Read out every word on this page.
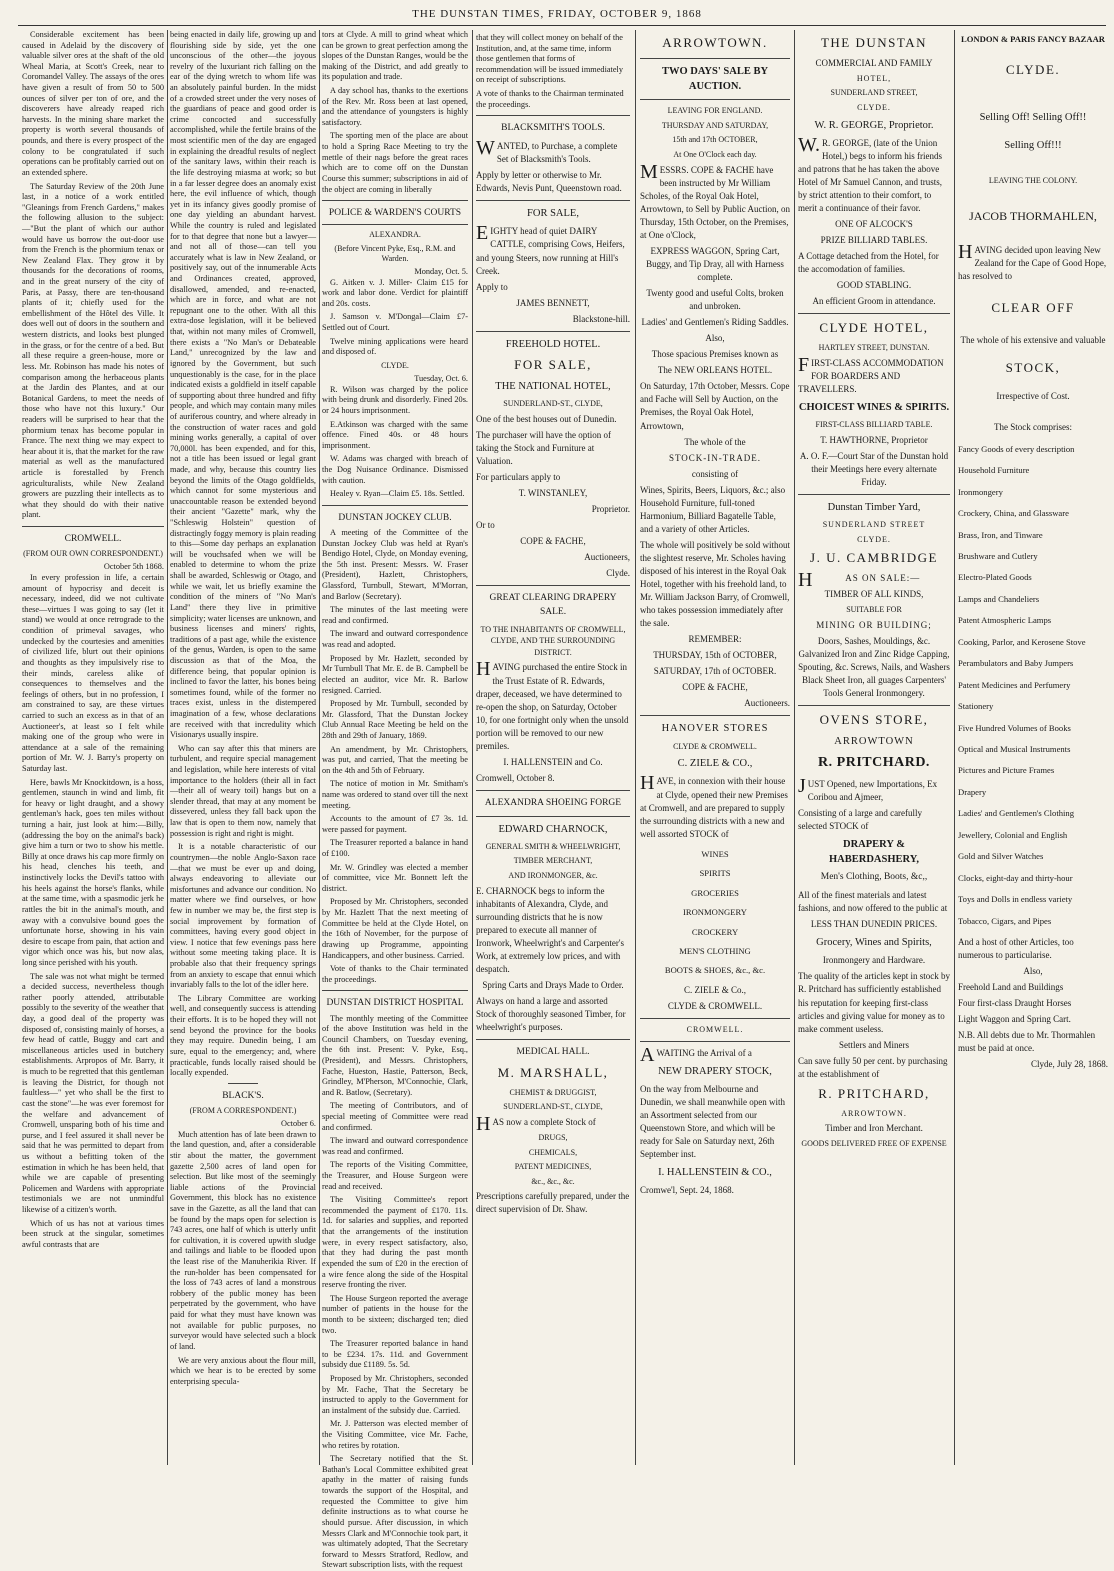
THE DUNSTAN TIMES, FRIDAY, OCTOBER 9, 1868

Considerable excitement has been caused in Adelaid by the discovery of valuable silver ores at the shaft of the old Wheal Maria, at Scott's Creek, near to Coromandel Valley. The assays of the ores have given a result of from 50 to 500 ounces of silver per ton of ore, and the discoverers have already reaped rich harvests. In the mining share market the property is worth several thousands of pounds, and there is every prospect of the colony to be congratulated if such operations can be profitably carried out on an extended sphere.

The Saturday Review of the 20th June last, in a notice of a work entitled "Gleanings from French Gardens," makes the following allusion to the subject:—"But the plant of which our author would have us borrow the out-door use from the French is the phormium tenax or New Zealand Flax. They grow it by thousands for the decorations of rooms, and in the great nursery of the city of Paris, at Passy, there are ten-thousand plants of it; chiefly used for the embellishment of the Hôtel des Ville. It does well out of doors in the southern and western districts, and looks best plunged in the grass, or for the centre of a bed. But all these require a green-house, more or less. Mr. Robinson has made his notes of comparison among the herbaceous plants at the Jardin des Plantes, and at our Botanical Gardens, to meet the needs of those who have not this luxury." Our readers will be surprised to hear that the phormium tenax has become popular in France. The next thing we may expect to hear about it is, that the market for the raw material as well as the manufactured article is forestalled by French agriculturalists, while New Zealand growers are puzzling their intellects as to what they should do with their native plant.

CROMWELL.
(FROM OUR OWN CORRESPONDENT.)
October 5th 1868.

In every profession in life, a certain amount of hypocrisy and deceit is necessary, indeed, did we not cultivate these—virtues I was going to say (let it stand) we would at once retrograde to the condition of primeval savages, who undecked by the courtesies and amenities of civilized life, blurt out their opinions and thoughts as they impulsively rise to their minds, careless alike of consequences to themselves and the feelings of others, but in no profession, I am constrained to say, are these virtues carried to such an excess as in that of an Auctioneer's, at least so I felt while making one of the group who were in attendance at a sale of the remaining portion of Mr. W. J. Barry's property on Saturday last.

Here, bawls Mr Knockitdown, is a hoss, gentlemen, staunch in wind and limb, fit for heavy or light draught, and a showy gentleman's hack, goes ten miles without turning a hair, just look at him:—Billy, (addressing the boy on the animal's back) give him a turn or two to show his mettle. Billy at once draws his cap more firmly on his head, clenches his teeth, and instinctively locks the Devil's tattoo with his heels against the horse's flanks, while at the same time, with a spasmodic jerk he rattles the bit in the animal's mouth, and away with a convulsive bound goes the unfortunate horse, showing in his vain desire to escape from pain, that action and vigor which once was his, but now alas, long since perished with his youth.

The sale was not what might be termed a decided success, nevertheless though rather poorly attended, attributable possibly to the severity of the weather that day, a good deal of the property was disposed of, consisting mainly of horses, a few head of cattle, Buggy and cart and miscellaneous articles used in butchery establishments. Arpropos of Mr. Barry, it is much to be regretted that this gentleman is leaving the District, for though not faultless—" yet who shall be the first to cast the stone"—he was ever foremost for the welfare and advancement of Cromwell, unsparing both of his time and purse, and I feel assured it shall never be said that he was permitted to depart from us without a befitting token of the estimation in which he has been held, that while we are capable of presenting Policemen and Wardens with appropriate testimonials we are not unmindful likewise of a citizen's worth.

Which of us has not at various times been struck at the singular, sometimes awful contrasts that are

being enacted in daily life, growing up and flourishing side by side, yet the one unconscious of the other—the joyous revelry of the luxuriant rich falling on the ear of the dying wretch to whom life was an absolutely painful burden. In the midst of a crowded street under the very noses of the guardians of peace and good order is crime concocted and successfully accomplished, while the fertile brains of the most scientific men of the day are engaged in explaining the dreadful results of neglect of the sanitary laws, within their reach is the life destroying miasma at work; so but in a far lesser degree does an anomaly exist here, the evil influence of which, though yet in its infancy gives goodly promise of one day yielding an abundant harvest. While the country is ruled and legislated for to that degree that none but a lawyer—and not all of those—can tell you accurately what is law in New Zealand, or positively say, out of the innumerable Acts and Ordinances created, approved, disallowed, amended, and re-enacted, which are in force, and what are not repugnant one to the other. With all this extra-dose legislation, will it be believed that, within not many miles of Cromwell, there exists a "No Man's or Debateable Land," unrecognized by the law and ignored by the Government, but such unquestionably is the case, for in the place indicated exists a goldfield in itself capable of supporting about three hundred and fifty people, and which may contain many miles of auriferous country, and where already in the construction of water races and gold mining works generally, a capital of over 70,000l. has been expended, and for this, not a title has been issued or legal grant made, and why, because this country lies beyond the limits of the Otago goldfields, which cannot for some mysterious and unaccountable reason be extended beyond their ancient "Gazette" mark, why the "Schleswig Holstein" question of distractingly foggy memory is plain reading to this—Some day perhaps an explanation will be vouchsafed when we will be enabled to determine to whom the prize shall be awarded, Schleswig or Otago, and while we wait, let us briefly examine the condition of the miners of "No Man's Land" there they live in primitive simplicity; water licenses are unknown, and business licenses and miners' rights, traditions of a past age, while the existence of the genus, Warden, is open to the same discussion as that of the Moa, the difference being, that popular opinion is inclined to favor the latter, his bones being sometimes found, while of the former no traces exist, unless in the distempered imagination of a few, whose declarations are received with that incredulity which Visionarys usually inspire.

Who can say after this that miners are turbulent, and require special management and legislation, while here interests of vital importance to the holders (their all in fact—their all of weary toil) hangs but on a slender thread, that may at any moment be dissevered, unless they fall back upon the law that is open to them now, namely that possession is right and right is might.

It is a notable characteristic of our countrymen—the noble Anglo-Saxon race—that we must be ever up and doing, always endeavoring to alleviate our misfortunes and advance our condition. No matter where we find ourselves, or how few in number we may be, the first step is social improvement by formation of committees, having every good object in view. I notice that few evenings pass here without some meeting taking place. It is probable also that their frequency springs from an anxiety to escape that ennui which invariably falls to the lot of the idler here.

The Library Committee are working well, and consequently success is attending their efforts. It is to be hoped they will not send beyond the province for the books they may require. Dunedin being, I am sure, equal to the emergency; and, where practicable, funds locally raised should be locally expended.

BLACK'S.
(FROM A CORRESPONDENT.)
October 6.

Much attention has of late been drawn to the land question, and, after a considerable stir about the matter, the government gazette 2,500 acres of land open for selection. But like most of the seemingly liable actions of the Provincial Government, this block has no existence save in the Gazette, as all the land that can be found by the maps open for selection is 743 acres, one half of which is utterly unfit for cultivation, it is covered upwith sludge and tailings and liable to be flooded upon the least rise of the Manuherikia River. If the run-holder has been compensated for the loss of 743 acres of land a monstrous robbery of the public money has been perpetrated by the government, who have paid for what they must have known was not available for public purposes, no surveyor would have selected such a block of land.

We are very anxious about the flour mill, which we hear is to be erected by some enterprising specula-

tors at Clyde. A mill to grind wheat which can be grown to great perfection among the slopes of the Dunstan Ranges, would be the making of the District, and add greatly to its population and trade.

A day school has, thanks to the exertions of the Rev. Mr. Ross been at last opened, and the attendance of youngsters is highly satisfactory.

The sporting men of the place are about to hold a Spring Race Meeting to try the mettle of their nags before the great races which are to come off on the Dunstan Course this summer; subscriptions in aid of the object are coming in liberally

POLICE & WARDEN'S COURTS
ALEXANDRA.
(Before Vincent Pyke, Esq., R.M. and Warden.
Monday, Oct. 5.

G. Aitken v. J. Miller- Claim £15 for work and labor done. Verdict for plaintiff and 20s. costs.

J. Samson v. M'Dongal—Claim £7- Settled out of Court.

Twelve mining applications were heard and disposed of.

CLYDE.
Tuesday, Oct. 6.

R. Wilson was charged by the police with being drunk and disorderly. Fined 20s. or 24 hours imprisonment.

E.Atkinson was charged with the same offence. Fined 40s. or 48 hours imprisonment.

W. Adams was charged with breach of the Dog Nuisance Ordinance. Dismissed with caution.

Healey v. Ryan—Claim £5. 18s. Settled.

DUNSTAN JOCKEY CLUB.

A meeting of the Committee of the Dunstan Jockey Club was held at Ryan's Bendigo Hotel, Clyde, on Monday evening, the 5th inst. Present: Messrs. W. Fraser (President), Hazlett, Christophers, Glassford, Turnbull, Stewart, M'Morran, and Barlow (Secretary).

The minutes of the last meeting were read and confirmed.

The inward and outward correspondence was read and adopted.

Proposed by Mr. Hazlett, seconded by Mr Turnbull That Mr. E. de B. Campbell be elected an auditor, vice Mr. R. Barlow resigned. Carried.

Proposed by Mr. Turnbull, seconded by Mr. Glassford, That the Dunstan Jockey Club Annual Race Meeting be held on the 28th and 29th of January, 1869.

An amendment, by Mr. Christophers, was put, and carried, That the meeting be on the 4th and 5th of February.

The notice of motion in Mr. Smitham's name was ordered to stand over till the next meeting.

Accounts to the amount of £7 3s. 1d. were passed for payment.

The Treasurer reported a balance in hand of £100.

Mr. W. Grindley was elected a member of committee, vice Mr. Bonnett left the district.

Proposed by Mr. Christophers, seconded by Mr. Hazlett That the next meeting of Committee be held at the Clyde Hotel, on the 16th of November, for the purpose of drawing up Programme, appointing Handicappers, and other business. Carried.

Vote of thanks to the Chair terminated the proceedings.

DUNSTAN DISTRICT HOSPITAL

The monthly meeting of the Committee of the above Institution was held in the Council Chambers, on Tuesday evening, the 6th inst. Present: V. Pyke, Esq., (President), and Messrs. Christophers, Fache, Hueston, Hastie, Patterson, Beck, Grindley, M'Pherson, M'Connochie, Clark, and R. Batlow, (Secretary).

The meeting of Contributors, and of special meeting of Committee were read and confirmed.

The inward and outward correspondence was read and confirmed.

The reports of the Visiting Committee, the Treasurer, and House Surgeon were read and received.

The Visiting Committee's report recommended the payment of £170. 11s. 1d. for salaries and supplies, and reported that the arrangements of the institution were, in every respect satisfactory, also, that they had during the past month expended the sum of £20 in the erection of a wire fence along the side of the Hospital reserve fronting the river.

The House Surgeon reported the average number of patients in the house for the month to be sixteen; discharged ten; died two.

The Treasurer reported balance in hand to be £234. 17s. 11d. and Government subsidy due £1189. 5s. 5d.

Proposed by Mr. Christophers, seconded by Mr. Fache, That the Secretary be instructed to apply to the Government for an instalment of the subsidy due. Carried.

Mr. J. Patterson was elected member of the Visiting Committee, vice Mr. Fache, who retires by rotation.

The Secretary notified that the St. Bathan's Local Committee exhibited great apathy in the matter of raising funds towards the support of the Hospital, and requested the Committee to give him definite instructions as to what course he should pursue. After discussion, in which Messrs Clark and M'Connochie took part, it was ultimately adopted, That the Secretary forward to Messrs Stratford, Redlow, and Stewart subscription lists, with the request

that they will collect money on behalf of the Institution, and, at the same time, inform those gentlemen that forms of recommendation will be issued immediately on receipt of subscriptions.

A vote of thanks to the Chairman terminated the proceedings.

BLACKSMITH'S TOOLS.

WANTED, to Purchase, a complete Set of Blacksmith's Tools.

Apply by letter or otherwise to Mr. Edwards, Nevis Punt, Queenstown road.

FOR SALE,

EIGHTY head of quiet DAIRY CATTLE, comprising Cows, Heifers, and young Steers, now running at Hill's Creek.

Apply to

JAMES BENNETT,

Blackstone-hill.

FREEHOLD HOTEL.
FOR SALE,
THE NATIONAL HOTEL,
SUNDERLAND-ST., CLYDE,

One of the best houses out of Dunedin.

The purchaser will have the option of taking the Stock and Furniture at Valuation.

For particulars apply to

T. WINSTANLEY,

Proprietor.

Or to

COPE & FACHE,

Auctioneers,

Clyde.

GREAT CLEARING DRAPERY SALE.
TO THE INHABITANTS OF CROMWELL, CLYDE, AND THE SURROUNDING DISTRICT.

HAVING purchased the entire Stock in the Trust Estate of R. Edwards, draper, deceased, we have determined to re-open the shop, on Saturday, October 10, for one fortnight only when the unsold portion will be removed to our new premiles.

I. HALLENSTEIN and Co.

Cromwell, October 8.

ALEXANDRA SHOEING FORGE
EDWARD CHARNOCK,
GENERAL SMITH & WHEELWRIGHT,
TIMBER MERCHANT,
AND IRONMONGER, &c.

E. CHARNOCK begs to inform the inhabitants of Alexandra, Clyde, and surrounding districts that he is now prepared to execute all manner of Ironwork, Wheelwright's and Carpenter's Work, at extremely low prices, and with despatch.

Spring Carts and Drays Made to Order.

Always on hand a large and assorted Stock of thoroughly seasoned Timber, for wheelwright's purposes.

MEDICAL HALL.
M. MARSHALL,
CHEMIST & DRUGGIST,
SUNDERLAND-ST., CLYDE,

HAS now a complete Stock of

DRUGS,
CHEMICALS,
PATENT MEDICINES,
&c., &c., &c.

Prescriptions carefully prepared, under the direct supervision of Dr. Shaw.

ARROWTOWN.
TWO DAYS' SALE BY AUCTION.
LEAVING FOR ENGLAND.
THURSDAY AND SATURDAY,
15th and 17th OCTOBER,
At One O'Clock each day.

MESSRS. COPE & FACHE have been instructed by Mr William Scholes, of the Royal Oak Hotel, Arrowtown, to Sell by Public Auction, on Thursday, 15th October, on the Premises, at One o'Clock,

EXPRESS WAGGON, Spring Cart, Buggy, and Tip Dray, all with Harness complete.

Twenty good and useful Colts, broken and unbroken.

Ladies' and Gentlemen's Riding Saddles.

Also,

Those spacious Premises known as

The NEW ORLEANS HOTEL.

On Saturday, 17th October, Messrs. Cope and Fache will Sell by Auction, on the Premises, the Royal Oak Hotel, Arrowtown,

The whole of the

STOCK-IN-TRADE.

consisting of

Wines, Spirits, Beers, Liquors, &c.; also Household Furniture, full-toned Harmonium, Billiard Bagatelle Table, and a variety of other Articles.

The whole will positively be sold without the slightest reserve, Mr. Scholes having disposed of his interest in the Royal Oak Hotel, together with his freehold land, to Mr. William Jackson Barry, of Cromwell, who takes possession immediately after the sale.

REMEMBER:

THURSDAY, 15th of OCTOBER,

SATURDAY, 17th of OCTOBER.

COPE & FACHE,

Auctioneers.

HANOVER STORES
CLYDE & CROMWELL.
C. ZIELE & CO.,

HAVE, in connexion with their house at Clyde, opened their new Premises at Cromwell, and are prepared to supply the surrounding districts with a new and well assorted STOCK of

WINES
SPIRITS
GROCERIES
IRONMONGERY
CROCKERY
MEN'S CLOTHING
BOOTS & SHOES, &c., &c.

C. ZIELE & Co.,

CLYDE & CROMWELL.

CROMWELL.

AWAITING the Arrival of a

NEW DRAPERY STOCK,

On the way from Melbourne and Dunedin, we shall meanwhile open with an Assortment selected from our Queenstown Store, and which will be ready for Sale on Saturday next, 26th September inst.

I. HALLENSTEIN & CO.,

Cromwe'l, Sept. 24, 1868.

THE DUNSTAN
COMMERCIAL AND FAMILY
HOTEL,
SUNDERLAND STREET,
CLYDE.
W. R. GEORGE, Proprietor.

W.R. GEORGE, (late of the Union Hotel,) begs to inform his friends and patrons that he has taken the above Hotel of Mr Samuel Cannon, and trusts, by strict attention to their comfort, to merit a continuance of their favor.

ONE OF ALCOCK'S

PRIZE BILLIARD TABLES.

A Cottage detached from the Hotel, for the accomodation of families.

GOOD STABLING.

An efficient Groom in attendance.

CLYDE HOTEL,
HARTLEY STREET, DUNSTAN.

FIRST-CLASS ACCOMMODATION FOR BOARDERS AND TRAVELLERS.

CHOICEST WINES & SPIRITS.
FIRST-CLASS BILLIARD TABLE.

T. HAWTHORNE, Proprietor

A. O. F.—Court Star of the Dunstan hold their Meetings here every alternate Friday.

Dunstan Timber Yard,
SUNDERLAND STREET
CLYDE.
J. U. CAMBRIDGE

HAS ON SALE:—

TIMBER OF ALL KINDS,

SUITABLE FOR

MINING OR BUILDING;

Doors, Sashes, Mouldings, &c. Galvanized Iron and Zinc Ridge Capping, Spouting, &c. Screws, Nails, and Washers Black Sheet Iron, all guages Carpenters' Tools General Ironmongery.

OVENS STORE,
ARROWTOWN
R. PRITCHARD.

JUST Opened, new Importations, Ex Coribou and Ajmeer,

Consisting of a large and carefully selected STOCK of

DRAPERY & HABERDASHERY,
Men's Clothing, Boots, &c,,

All of the finest materials and latest fashions, and now offered to the public at

LESS THAN DUNEDIN PRICES.

Grocery, Wines and Spirits,
Ironmongery and Hardware.

The quality of the articles kept in stock by R. Pritchard has sufficiently established his reputation for keeping first-class articles and giving value for money as to make comment useless.

Settlers and Miners

Can save fully 50 per cent. by purchasing at the establishment of

R. PRITCHARD,
ARROWTOWN.

Timber and Iron Merchant.

GOODS DELIVERED FREE OF EXPENSE
LONDON & PARIS FANCY BAZAAR
CLYDE.
Selling Off! Selling Off!!
Selling Off!!!
LEAVING THE COLONY.
JACOB THORMAHLEN,

HAVING decided upon leaving New Zealand for the Cape of Good Hope, has resolved to

CLEAR OFF

The whole of his extensive and valuable

STOCK,

Irrespective of Cost.

The Stock comprises:

Fancy Goods of every description

Household Furniture

Ironmongery

Crockery, China, and Glassware

Brass, Iron, and Tinware

Brushware and Cutlery

Electro-Plated Goods

Lamps and Chandeliers

Patent Atmospheric Lamps

Cooking, Parlor, and Kerosene Stove

Perambulators and Baby Jumpers

Patent Medicines and Perfumery

Stationery

Five Hundred Volumes of Books

Optical and Musical Instruments

Pictures and Picture Frames

Drapery

Ladies' and Gentlemen's Clothing

Jewellery, Colonial and English

Gold and Silver Watches

Clocks, eight-day and thirty-hour

Toys and Dolls in endless variety

Tobacco, Cigars, and Pipes

And a host of other Articles, too numerous to particularise.

Also,

Freehold Land and Buildings

Four first-class Draught Horses

Light Waggon and Spring Cart.

N.B. All debts due to Mr. Thormahlen must be paid at once.

Clyde, July 28, 1868.
